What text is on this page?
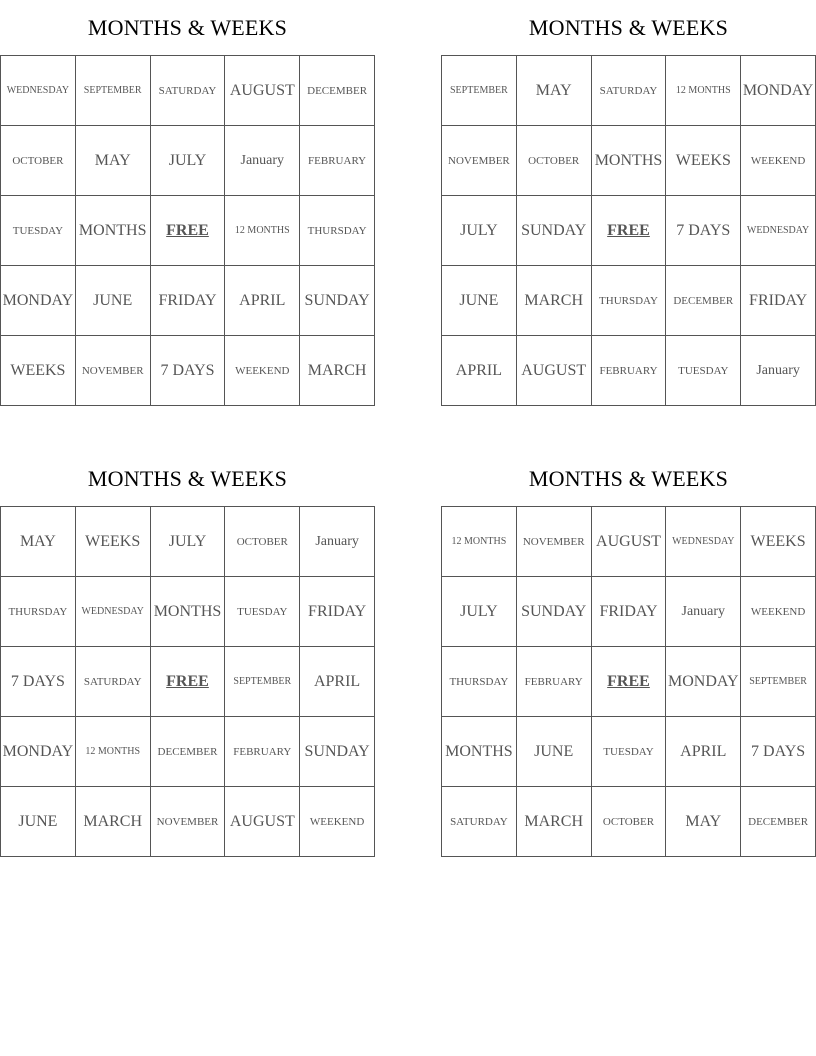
MONTHS & WEEKS
WEDNESDAY	SEPTEMBER	SATURDAY	AUGUST	DECEMBER
OCTOBER	MAY	JULY	January	FEBRUARY
TUESDAY	MONTHS	FREE	12 MONTHS	THURSDAY
MONDAY	JUNE	FRIDAY	APRIL	SUNDAY
WEEKS	NOVEMBER	7 DAYS	WEEKEND	MARCH
MONTHS & WEEKS
SEPTEMBER	MAY	SATURDAY	12 MONTHS	MONDAY
NOVEMBER	OCTOBER	MONTHS	WEEKS	WEEKEND
JULY	SUNDAY	FREE	7 DAYS	WEDNESDAY
JUNE	MARCH	THURSDAY	DECEMBER	FRIDAY
APRIL	AUGUST	FEBRUARY	TUESDAY	January
MONTHS & WEEKS
MAY	WEEKS	JULY	OCTOBER	January
THURSDAY	WEDNESDAY	MONTHS	TUESDAY	FRIDAY
7 DAYS	SATURDAY	FREE	SEPTEMBER	APRIL
MONDAY	12 MONTHS	DECEMBER	FEBRUARY	SUNDAY
JUNE	MARCH	NOVEMBER	AUGUST	WEEKEND
MONTHS & WEEKS
12 MONTHS	NOVEMBER	AUGUST	WEDNESDAY	WEEKS
JULY	SUNDAY	FRIDAY	January	WEEKEND
THURSDAY	FEBRUARY	FREE	MONDAY	SEPTEMBER
MONTHS	JUNE	TUESDAY	APRIL	7 DAYS
SATURDAY	MARCH	OCTOBER	MAY	DECEMBER
